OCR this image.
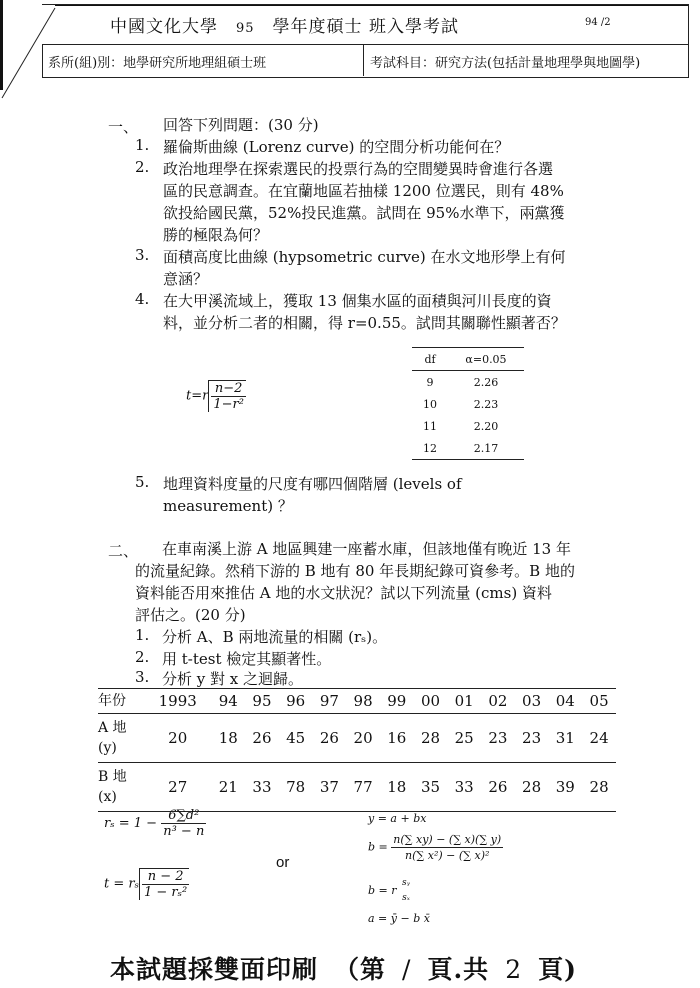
中國文化大學 95 學年度碩士 班入學考試	94 /2
系所(組)別：地學研究所地理組碩士班	考試科目：研究方法(包括計量地理學與地圖學)
一、 回答下列問題：(30 分)
1. 羅倫斯曲線 (Lorenz curve) 的空間分析功能何在？
2. 政治地理學在探索選民的投票行為的空間變異時會進行各選
區的民意調查。在宜蘭地區若抽樣 1200 位選民，則有 48%
欲投給國民黨，52%投民進黨。試問在 95%水準下，兩黨獲
勝的極限為何？
3. 面積高度比曲線 (hypsometric curve) 在水文地形學上有何
意涵？
4. 在大甲溪流域上，獲取 13 個集水區的面積與河川長度的資
料，並分析二者的相關，得 r=0.55。試問其關聯性顯著否？
$t=r \frac{n-2}{\text{1−r²}}$
df	α=0.05
9	2.26
10	2.23
11	2.20
12	2.17
5. 地理資料度量的尺度有哪四個階層 (levels of
measurement) ？
二、 在車南溪上游 A 地區興建一座蓄水庫，但該地僅有晚近 13 年
的流量紀錄。然稍下游的 B 地有 80 年長期紀錄可資參考。B 地的
資料能否用來推估 A 地的水文狀況？試以下列流量 (cms) 資料
評估之。(20 分)
1. 分析 A、B 兩地流量的相關 (rₛ)。
2. 用 t-test 檢定其顯著性。
3. 分析 y 對 x 之迴歸。
年份	1993	94	95	96	97	98	99	00	01	02	03	04	05
A 地
(y)	20	18	26	45	26	20	16	28	25	23	23	31	24
B 地
(x)	27	21	33	78	37	77	18	35	33	26	28	39	28
$r_s = 1 - \frac{\text{6∑d²}}{\text{n³ − n}}$
t = rₛ $\frac{n - 2}{\text{1 − rₛ²}}$
or
y = a + bx
$b = \frac{n(\sum xy) - (\sum x)(\sum y)}{\text{n(∑ x²) − (∑ x)²}}$
b = r
sᵧ
sₓ
a = ȳ − b x̄
本試題採雙面印刷 （第 / 頁.共 2 頁)
